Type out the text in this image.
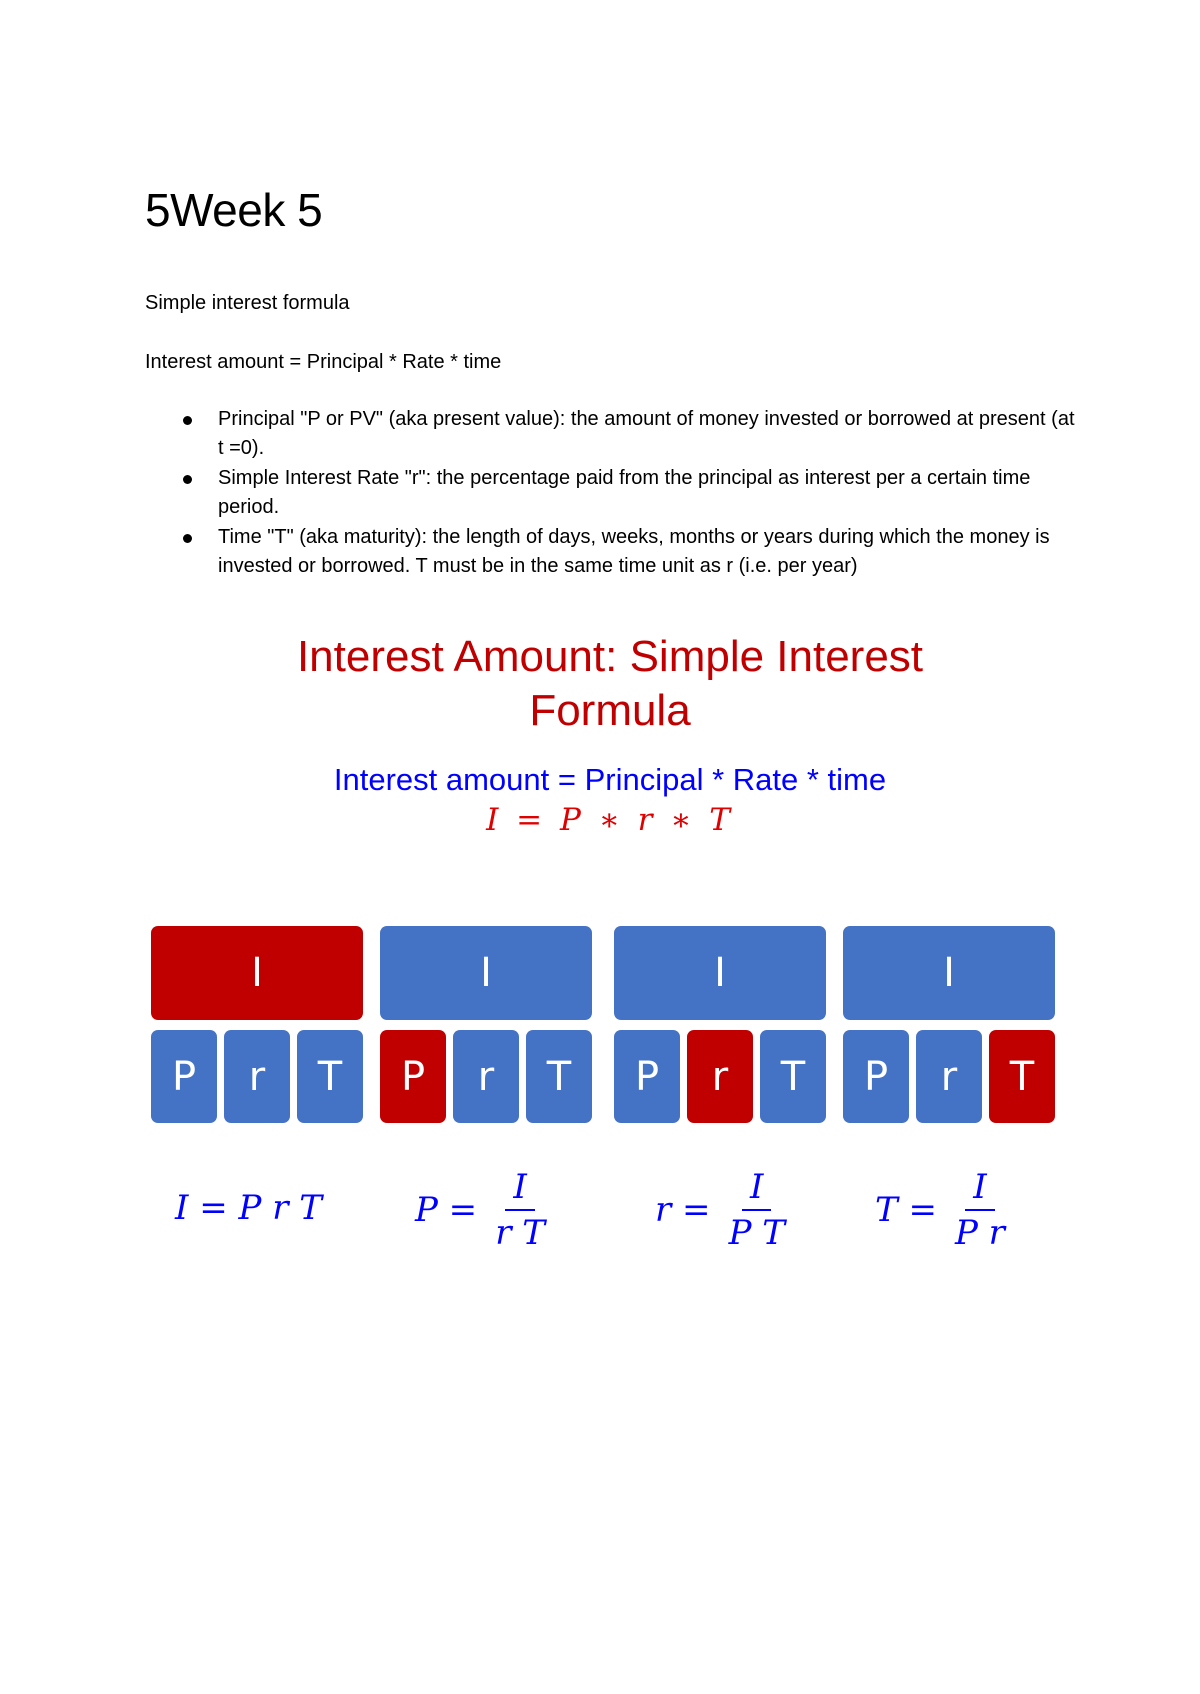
5Week 5
Simple interest formula
Interest amount = Principal * Rate * time
Principal "P or PV" (aka present value): the amount of money invested or borrowed at present (at t =0).
Simple Interest Rate "r": the percentage paid from the principal as interest per a certain time period.
Time "T" (aka maturity): the length of days, weeks, months or years during which the money is invested or borrowed. T must be in the same time unit as r (i.e. per year)
Interest Amount: Simple Interest
Formula
Interest amount = Principal * Rate * time
I = P ∗ r ∗ T
I
P	r	T
I
P	r	T
I
P	r	T
I
P	r	T
I =
P r T	$P = \frac{I}{\text{r T}}$	$r = \frac{I}{\text{P T}}$ $T = \frac{I}{\text{P r}}$
